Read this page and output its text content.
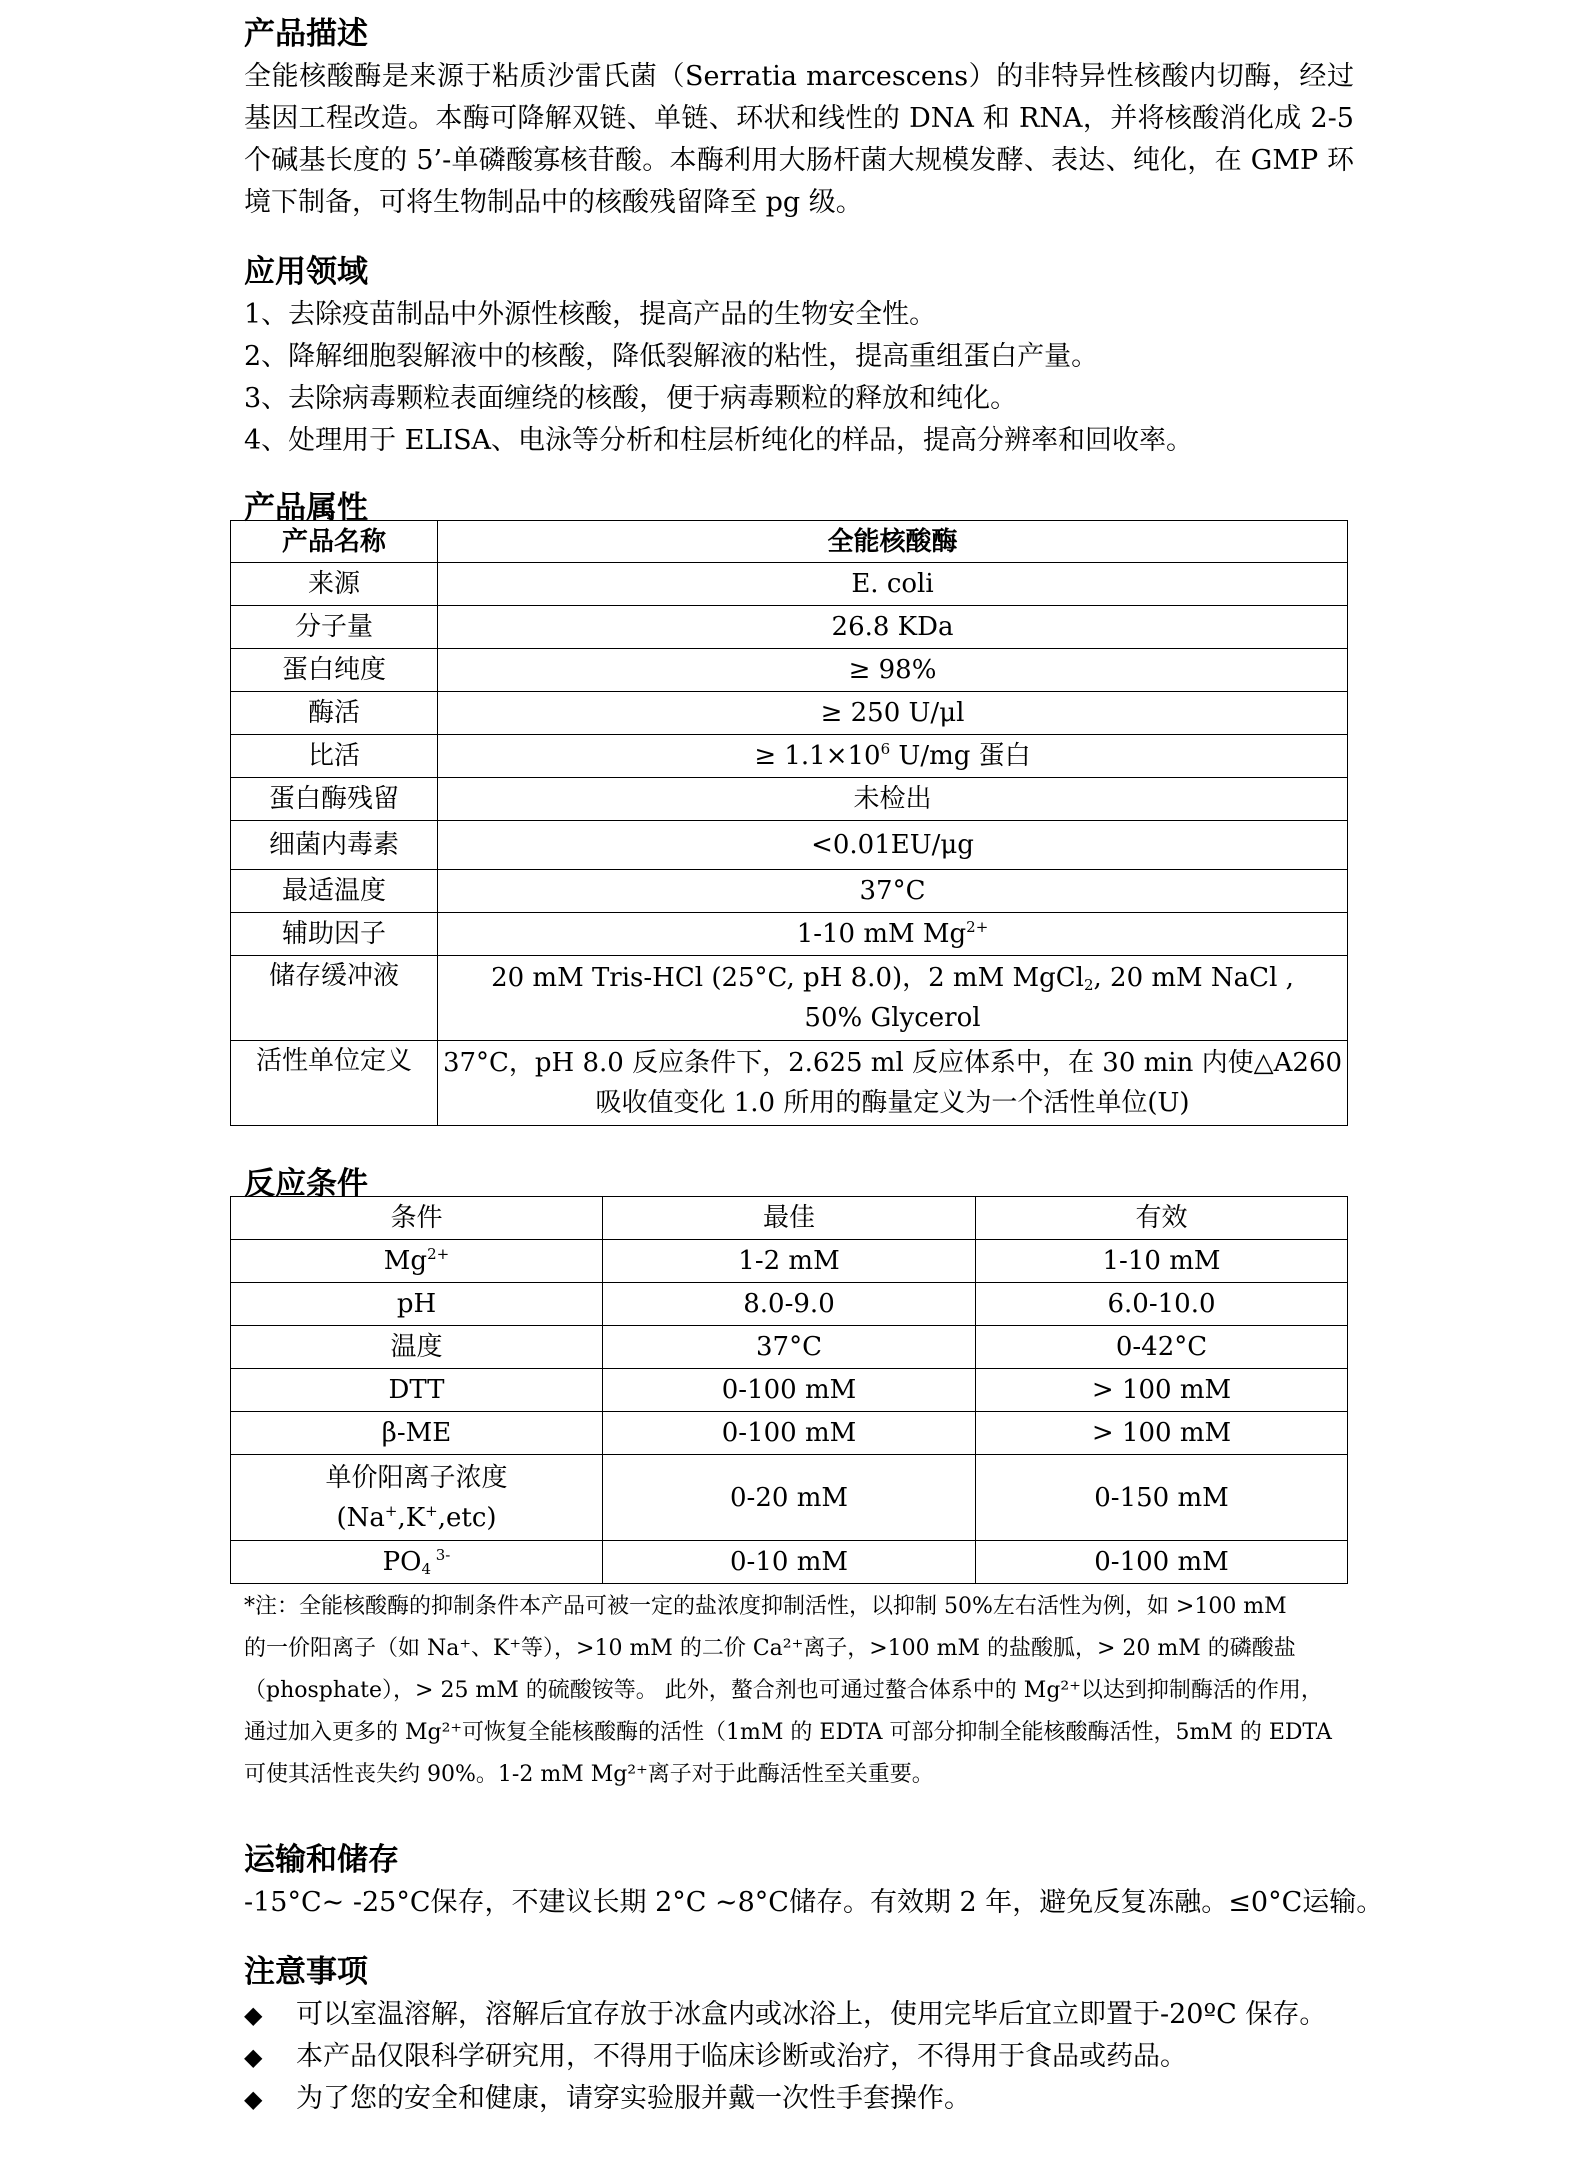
产品描述

全能核酸酶是来源于粘质沙雷氏菌（Serratia marcescens）的非特异性核酸内切酶，经过基因工程改造。本酶可降解双链、单链、环状和线性的 DNA 和 RNA，并将核酸消化成 2-5 个碱基长度的 5’-单磷酸寡核苷酸。本酶利用大肠杆菌大规模发酵、表达、纯化，在 GMP 环境下制备，可将生物制品中的核酸残留降至 pg 级。

应用领域
1、去除疫苗制品中外源性核酸，提高产品的生物安全性。
2、降解细胞裂解液中的核酸，降低裂解液的粘性，提高重组蛋白产量。
3、去除病毒颗粒表面缠绕的核酸，便于病毒颗粒的释放和纯化。
4、处理用于 ELISA、电泳等分析和柱层析纯化的样品，提高分辨率和回收率。
产品属性
产品名称	全能核酸酶
来源	E. coli
分子量	26.8 KDa
蛋白纯度	≥ 98%
酶活	≥ 250 U/μl
比活	≥ $1.1\times 10^6$ U/mg 蛋白
蛋白酶残留	未检出
细菌内毒素	<0.01EU/μg
最适温度	37°C
辅助因子	1-10 mM $Mg^{2+}$
储存缓冲液	20 mM Tris-HCl (25°C, pH 8.0)，2 mM MgCl$_2$, 20 mM NaCl ,
50% Glycerol

活性单位定义	37°C，pH 8.0 反应条件下，2.625 ml 反应体系中，在 30 min 内使△A260
吸收值变化 1.0 所用的酶量定义为一个活性单位(U)
反应条件
条件	最佳	有效
$Mg^{2+}$	1-2 mM	1-10 mM
pH	8.0-9.0	6.0-10.0
温度	37°C	0-42°C
DTT	0-100 mM	> 100 mM
β-ME	0-100 mM	> 100 mM

单价阳离子浓度
(Na+,K+,etc)	0-20 mM	0-150 mM
$PO_4$ $^{3-}$	0-10 mM	0-100 mM
*注：全能核酸酶的抑制条件本产品可被一定的盐浓度抑制活性，以抑制 50%左右活性为例，如 >100 mM
的一价阳离子（如 Na⁺、K⁺等），>10 mM 的二价 Ca²⁺离子，>100 mM 的盐酸胍，> 20 mM 的磷酸盐
（phosphate），> 25 mM 的硫酸铵等。 此外，螯合剂也可通过螯合体系中的 Mg²⁺以达到抑制酶活的作用，
通过加入更多的 Mg²⁺可恢复全能核酸酶的活性（1mM 的 EDTA 可部分抑制全能核酸酶活性，5mM 的 EDTA
可使其活性丧失约 90%。1-2 mM Mg²⁺离子对于此酶活性至关重要。
运输和储存
-15°C~ -25°C保存，不建议长期 2°C ~8°C储存。有效期 2 年，避免反复冻融。≤0°C运输。
注意事项
◆ 可以室温溶解，溶解后宜存放于冰盒内或冰浴上，使用完毕后宜立即置于-20ºC 保存。
◆ 本产品仅限科学研究用，不得用于临床诊断或治疗，不得用于食品或药品。
◆ 为了您的安全和健康，请穿实验服并戴一次性手套操作。
